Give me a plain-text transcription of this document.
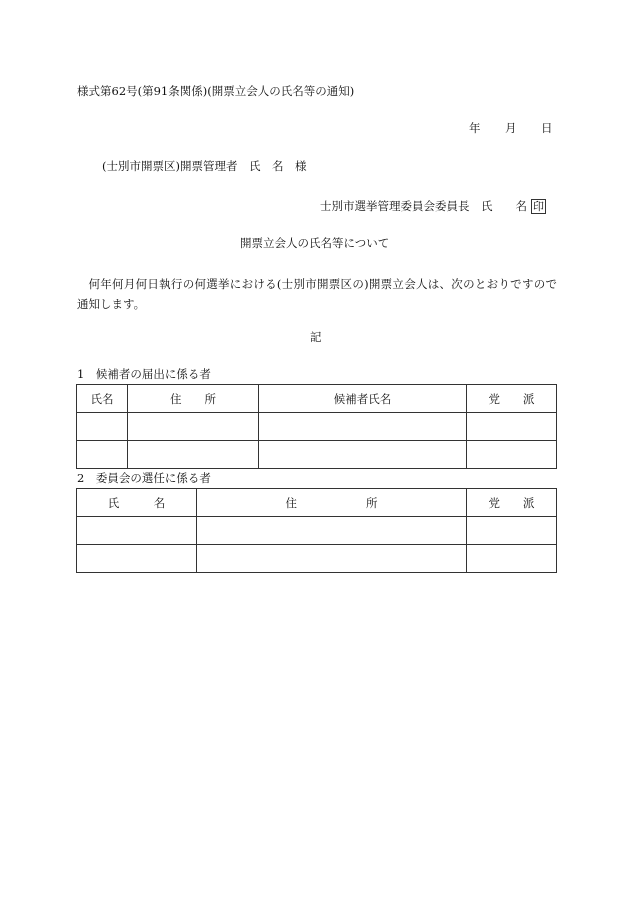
様式第62号(第91条関係)(開票立会人の氏名等の通知)
年	月	日
(士別市開票区)開票管理者　氏　名　様
士別市選挙管理委員会委員長　氏　　名 印
開票立会人の氏名等について
何年何月何日執行の何選挙における(士別市開票区の)開票立会人は、次のとおりですので通知します。
記
1　候補者の届出に係る者
氏名	住　　所	候補者氏名	党　　派

2　委員会の選任に係る者
氏　　　名	住　　　　　　所	党　　派
